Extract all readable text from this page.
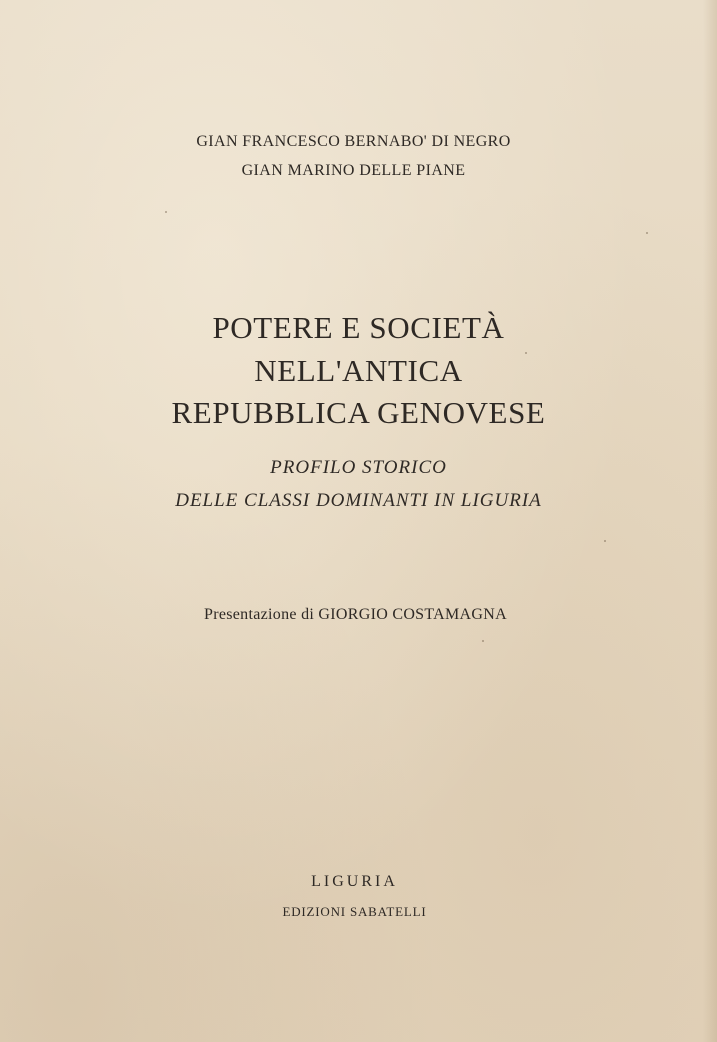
GIAN FRANCESCO BERNABO' DI NEGRO
GIAN MARINO DELLE PIANE
POTERE E SOCIETÀ
NELL'ANTICA
REPUBBLICA GENOVESE
PROFILO STORICO
DELLE CLASSI DOMINANTI IN LIGURIA
Presentazione di GIORGIO COSTAMAGNA
LIGURIA
EDIZIONI SABATELLI
